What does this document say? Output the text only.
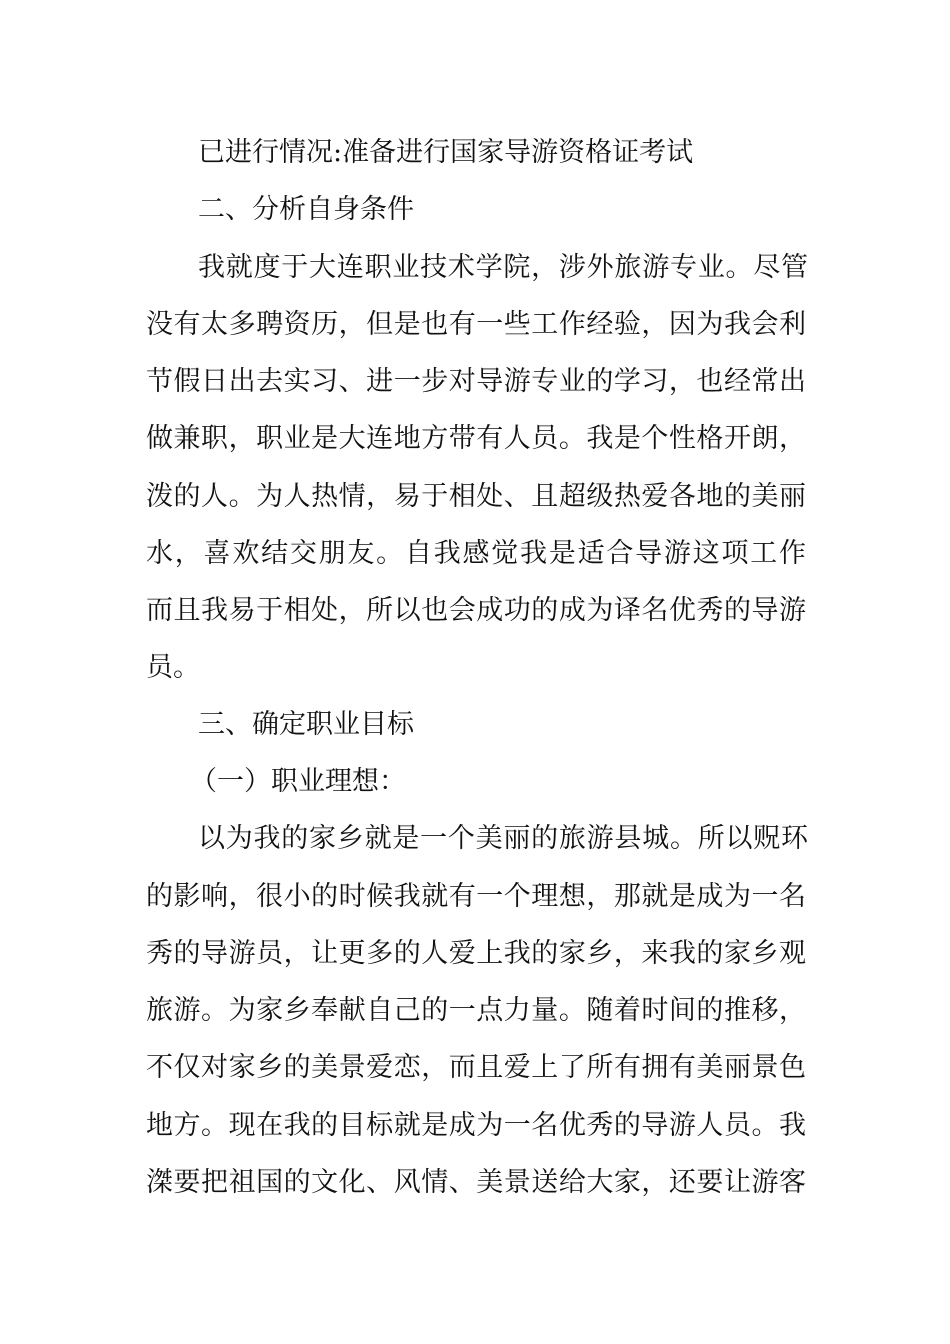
已进行情况:准备进行国家导游资格证考试
二、分析自身条件
我就度于大连职业技术学院，涉外旅游专业。尽管
没有太多聘资历，但是也有一些工作经验，因为我会利
节假日出去实习、进一步对导游专业的学习，也经常出
做兼职，职业是大连地方带有人员。我是个性格开朗，
泼的人。为人热情，易于相处、且超级热爱各地的美丽
水，喜欢结交朋友。自我感觉我是适合导游这项工作
而且我易于相处，所以也会成功的成为译名优秀的导游
员。
三、确定职业目标
（一）职业理想：
以为我的家乡就是一个美丽的旅游县城。所以贶环
的影响，很小的时候我就有一个理想，那就是成为一名
秀的导游员，让更多的人爱上我的家乡，来我的家乡观
旅游。为家乡奉献自己的一点力量。随着时间的推移，
不仅对家乡的美景爱恋，而且爱上了所有拥有美丽景色
地方。现在我的目标就是成为一名优秀的导游人员。我
滐要把祖国的文化、风情、美景送给大家，还要让游客
